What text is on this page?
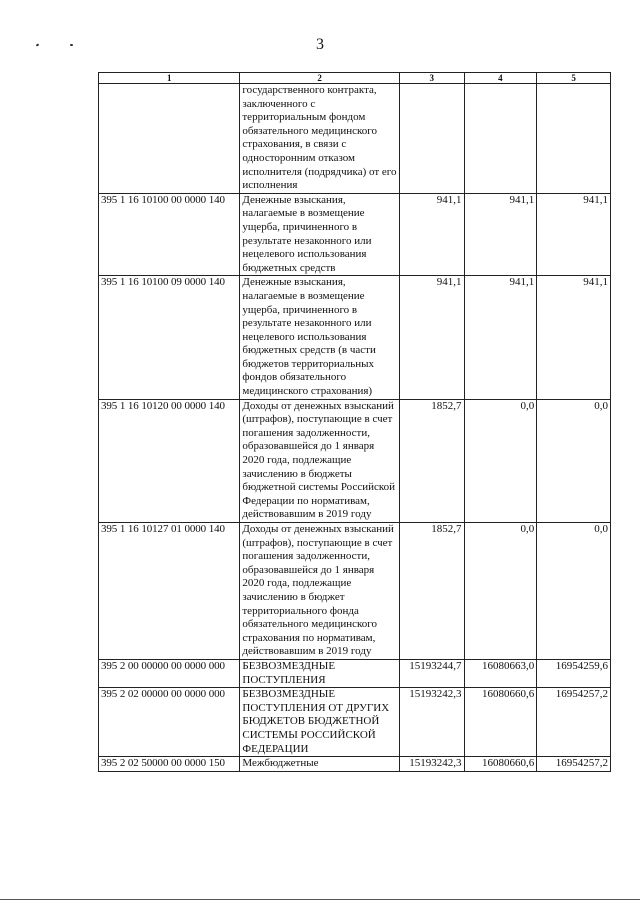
3
1	2	3	4	5
	государственного контракта, заключенного с территориальным фондом обязательного медицинского страхования, в связи с односторонним отказом исполнителя (подрядчика) от его исполнения			
395 1 16 10100 00 0000 140	Денежные взыскания, налагаемые в возмещение ущерба, причиненного в результате незаконного или нецелевого использования бюджетных средств	941,1	941,1	941,1
395 1 16 10100 09 0000 140	Денежные взыскания, налагаемые в возмещение ущерба, причиненного в результате незаконного или нецелевого использования бюджетных средств (в части бюджетов территориальных фондов обязательного медицинского страхования)	941,1	941,1	941,1
395 1 16 10120 00 0000 140	Доходы от денежных взысканий (штрафов), поступающие в счет погашения задолженности, образовавшейся до 1 января 2020 года, подлежащие зачислению в бюджеты бюджетной системы Российской Федерации по нормативам, действовавшим в 2019 году	1852,7	0,0	0,0
395 1 16 10127 01 0000 140	Доходы от денежных взысканий (штрафов), поступающие в счет погашения задолженности, образовавшейся до 1 января 2020 года, подлежащие зачислению в бюджет территориального фонда обязательного медицинского страхования по нормативам, действовавшим в 2019 году	1852,7	0,0	0,0
395 2 00 00000 00 0000 000	БЕЗВОЗМЕЗДНЫЕ ПОСТУПЛЕНИЯ	15193244,7	16080663,0	16954259,6
395 2 02 00000 00 0000 000	БЕЗВОЗМЕЗДНЫЕ ПОСТУПЛЕНИЯ ОТ ДРУГИХ БЮДЖЕТОВ БЮДЖЕТНОЙ СИСТЕМЫ РОССИЙСКОЙ ФЕДЕРАЦИИ	15193242,3	16080660,6	16954257,2
395 2 02 50000 00 0000 150	Межбюджетные	15193242,3	16080660,6	16954257,2
